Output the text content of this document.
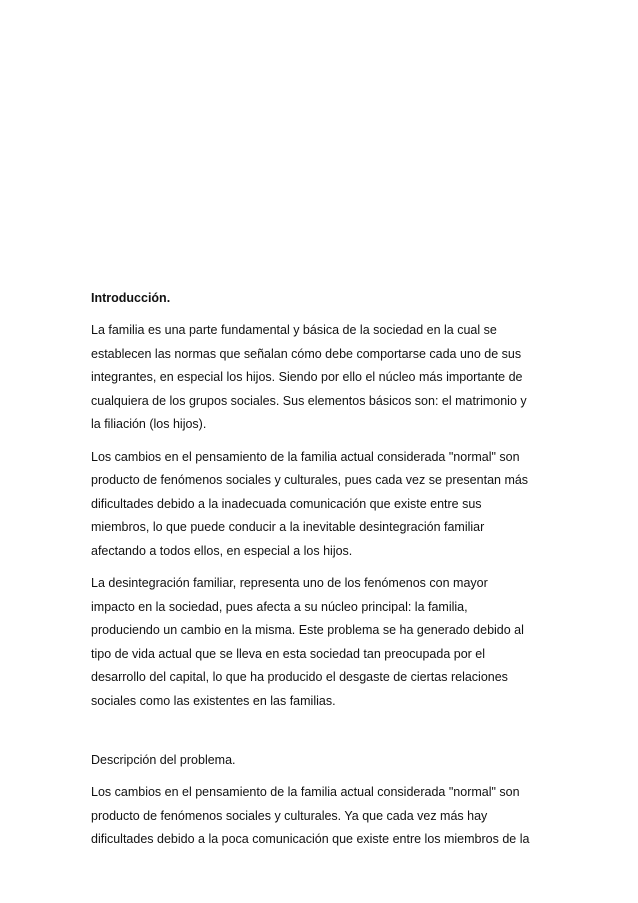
Introducción.
La familia es una parte fundamental y básica de la sociedad en la cual se
establecen las normas que señalan cómo debe comportarse cada uno de sus
integrantes, en especial los hijos. Siendo por ello el núcleo más importante de
cualquiera de los grupos sociales. Sus elementos básicos son: el matrimonio y
la filiación (los hijos).
Los cambios en el pensamiento de la familia actual considerada "normal" son
producto de fenómenos sociales y culturales, pues cada vez se presentan más
dificultades debido a la inadecuada comunicación que existe entre sus
miembros, lo que puede conducir a la inevitable desintegración familiar
afectando a todos ellos, en especial a los hijos.
La desintegración familiar, representa uno de los fenómenos con mayor
impacto en la sociedad, pues afecta a su núcleo principal: la familia,
produciendo un cambio en la misma. Este problema se ha generado debido al
tipo de vida actual que se lleva en esta sociedad tan preocupada por el
desarrollo del capital, lo que ha producido el desgaste de ciertas relaciones
sociales como las existentes en las familias.
Descripción del problema.
Los cambios en el pensamiento de la familia actual considerada "normal" son
producto de fenómenos sociales y culturales. Ya que cada vez más hay
dificultades debido a la poca comunicación que existe entre los miembros de la
